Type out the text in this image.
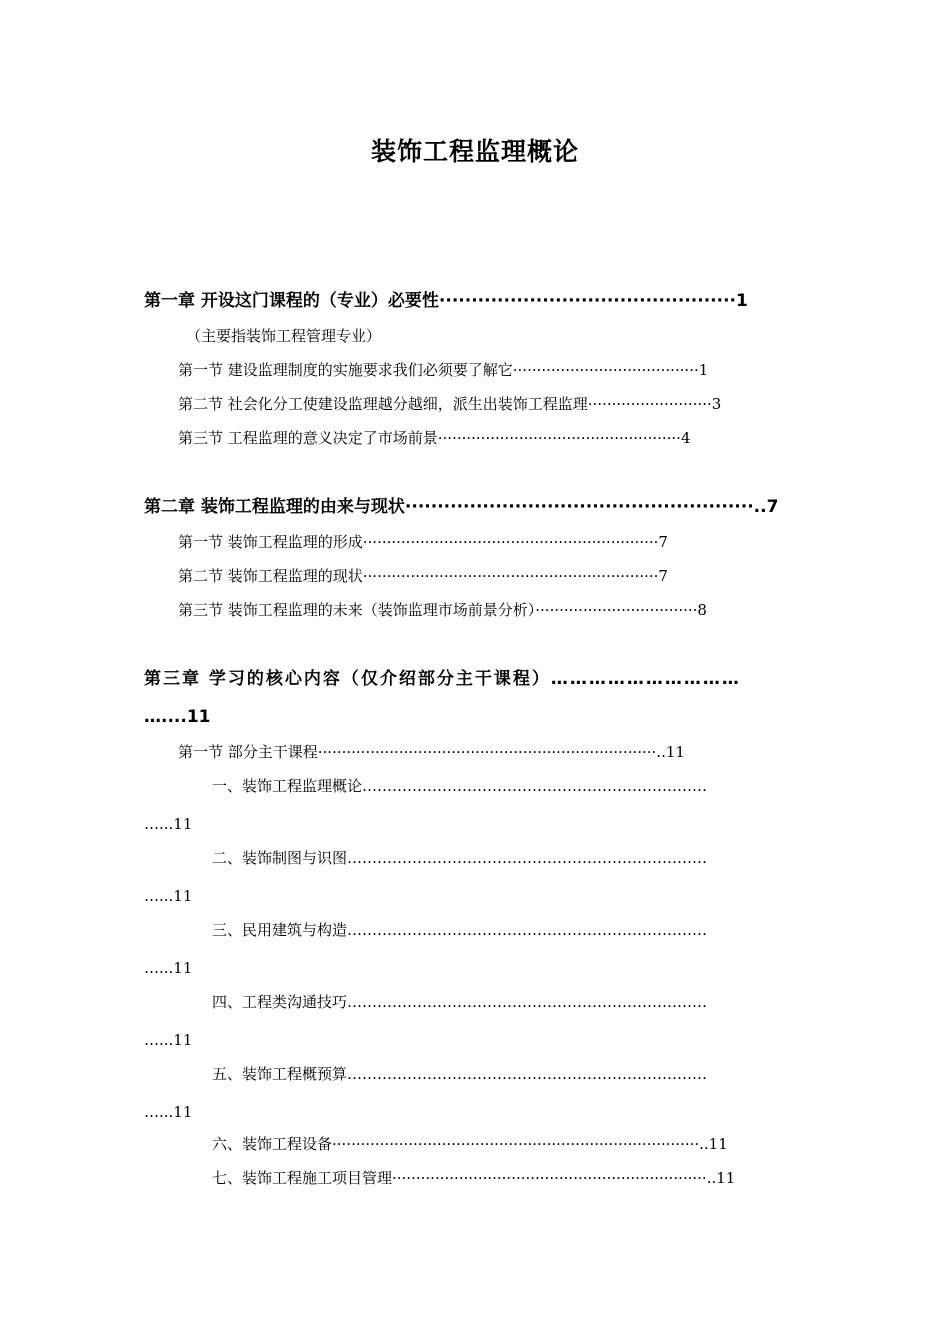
装饰工程监理概论
第一章 开设这门课程的（专业）必要性··············································1
（主要指装饰工程管理专业）
第一节 建设监理制度的实施要求我们必须要了解它·······································1
第二节 社会化分工使建设监理越分越细，派生出装饰工程监理··························3
第三节 工程监理的意义决定了市场前景···················································4
第二章 装饰工程监理的由来与现状······················································..7
第一节 装饰工程监理的形成······························································7
第二节 装饰工程监理的现状······························································7
第三节 装饰工程监理的未来（装饰监理市场前景分析）··································8
第三章 学习的核心内容（仅介绍部分主干课程）…………………………
…....11
第一节 部分主干课程·······································································..11
一、装饰工程监理概论……………………………………………………………
…...11
二、装饰制图与识图………………………………………………………………
…...11
三、民用建筑与构造………………………………………………………………
…...11
四、工程类沟通技巧………………………………………………………………
…...11
五、装饰工程概预算………………………………………………………………
…...11
六、装饰工程设备·············································································..11
七、装饰工程施工项目管理··································································..11
